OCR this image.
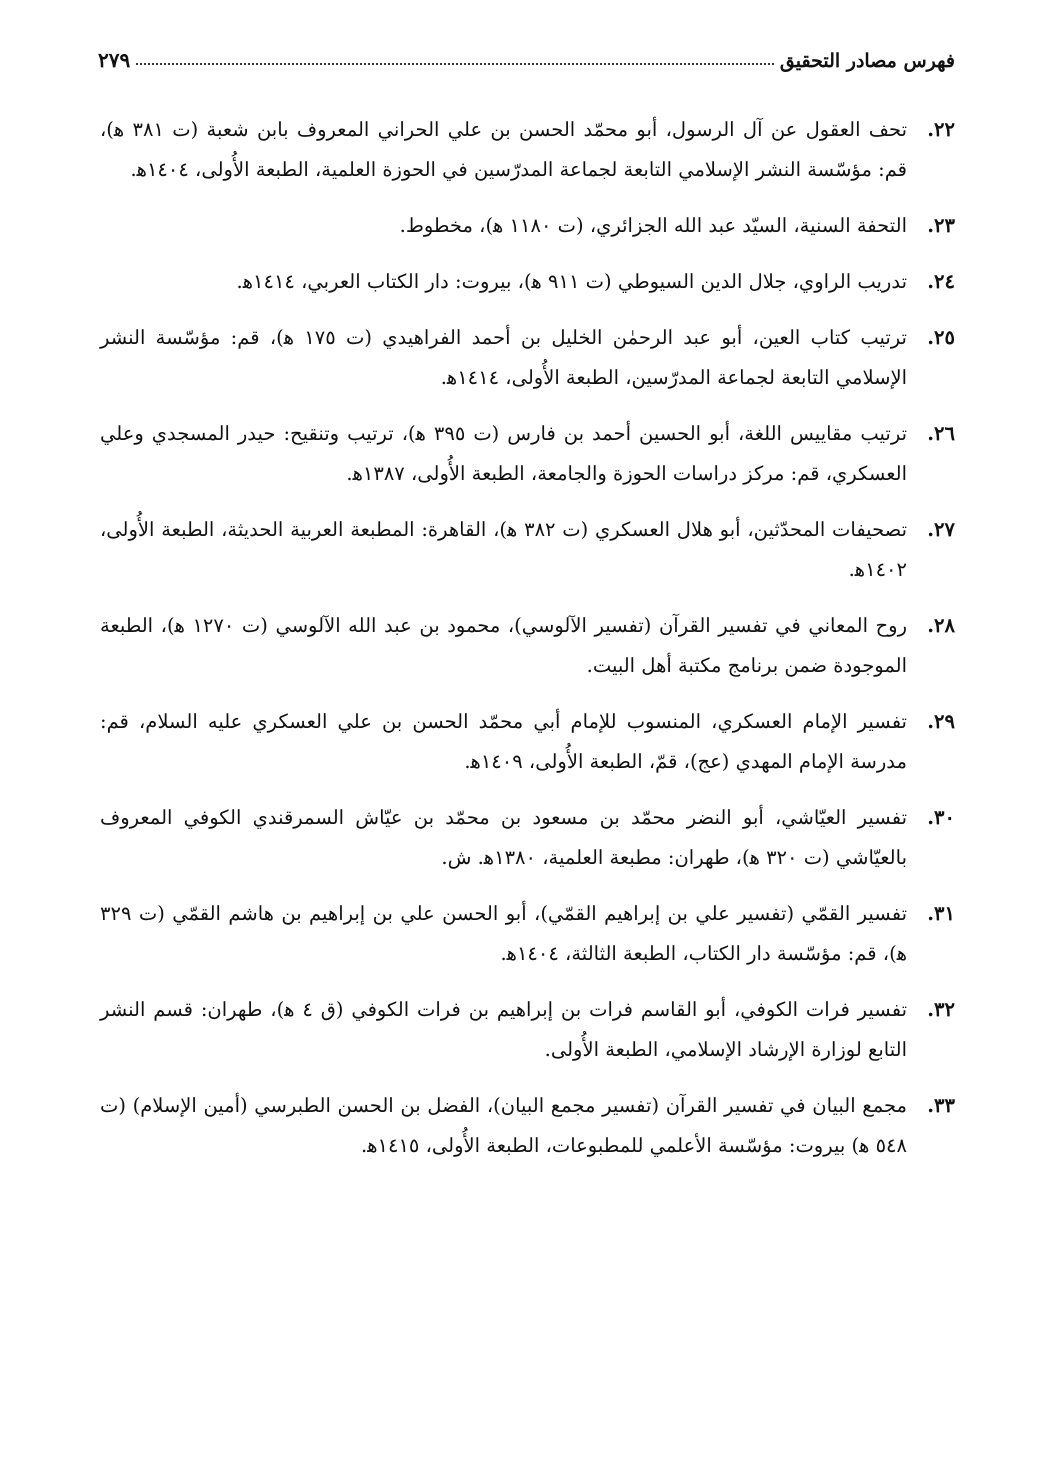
فهرس مصادر التحقيق
٢٧٩
٢٢.
تحف العقول عن آل الرسول، أبو محمّد الحسن بن علي الحراني المعروف بابن شعبة (ت ٣٨١ ه‍)، قم: مؤسّسة النشر الإسلامي التابعة لجماعة المدرّسين في الحوزة العلمية، الطبعة الأُولى، ١٤٠٤ه‍.
٢٣.
التحفة السنية، السيّد عبد الله الجزائري، (ت ١١٨٠ ه‍)، مخطوط.
٢٤.
تدريب الراوي، جلال الدين السيوطي (ت ٩١١ ه‍)، بيروت: دار الكتاب العربي، ١٤١٤ه‍.
٢٥.
ترتيب كتاب العين، أبو عبد الرحمٰن الخليل بن أحمد الفراهيدي (ت ١٧٥ ه‍)، قم: مؤسّسة النشر الإسلامي التابعة لجماعة المدرّسين، الطبعة الأُولى، ١٤١٤ه‍.
٢٦.
ترتيب مقاييس اللغة، أبو الحسين أحمد بن فارس (ت ٣٩٥ ه‍)، ترتيب وتنقيح: حيدر المسجدي وعلي العسكري، قم: مركز دراسات الحوزة والجامعة، الطبعة الأُولى، ١٣٨٧ه‍.
٢٧.
تصحيفات المحدّثين، أبو هلال العسكري (ت ٣٨٢ ه‍)، القاهرة: المطبعة العربية الحديثة، الطبعة الأُولى، ١٤٠٢ه‍.
٢٨.
روح المعاني في تفسير القرآن (تفسير الآلوسي)، محمود بن عبد الله الآلوسي (ت ١٢٧٠ ه‍)، الطبعة الموجودة ضمن برنامج مكتبة أهل البيت.
٢٩.
تفسير الإمام العسكري، المنسوب للإمام أبي محمّد الحسن بن علي العسكري عليه السلام، قم: مدرسة الإمام المهدي (عج)، قمّ، الطبعة الأُولى، ١٤٠٩ه‍.
٣٠.
تفسير العيّاشي، أبو النضر محمّد بن مسعود بن محمّد بن عيّاش السمرقندي الكوفي المعروف بالعيّاشي (ت ٣٢٠ ه‍)، طهران: مطبعة العلمية، ١٣٨٠ه‍. ش.
٣١.
تفسير القمّي (تفسير علي بن إبراهيم القمّي)، أبو الحسن علي بن إبراهيم بن هاشم القمّي (ت ٣٢٩ ه‍)، قم: مؤسّسة دار الكتاب، الطبعة الثالثة، ١٤٠٤ه‍.
٣٢.
تفسير فرات الكوفي، أبو القاسم فرات بن إبراهيم بن فرات الكوفي (ق ٤ ه‍)، طهران: قسم النشر التابع لوزارة الإرشاد الإسلامي، الطبعة الأُولى.
٣٣.
مجمع البيان في تفسير القرآن (تفسير مجمع البيان)، الفضل بن الحسن الطبرسي (أمين الإسلام) (ت ٥٤٨ ه‍) بيروت: مؤسّسة الأعلمي للمطبوعات، الطبعة الأُولى، ١٤١٥ه‍.
